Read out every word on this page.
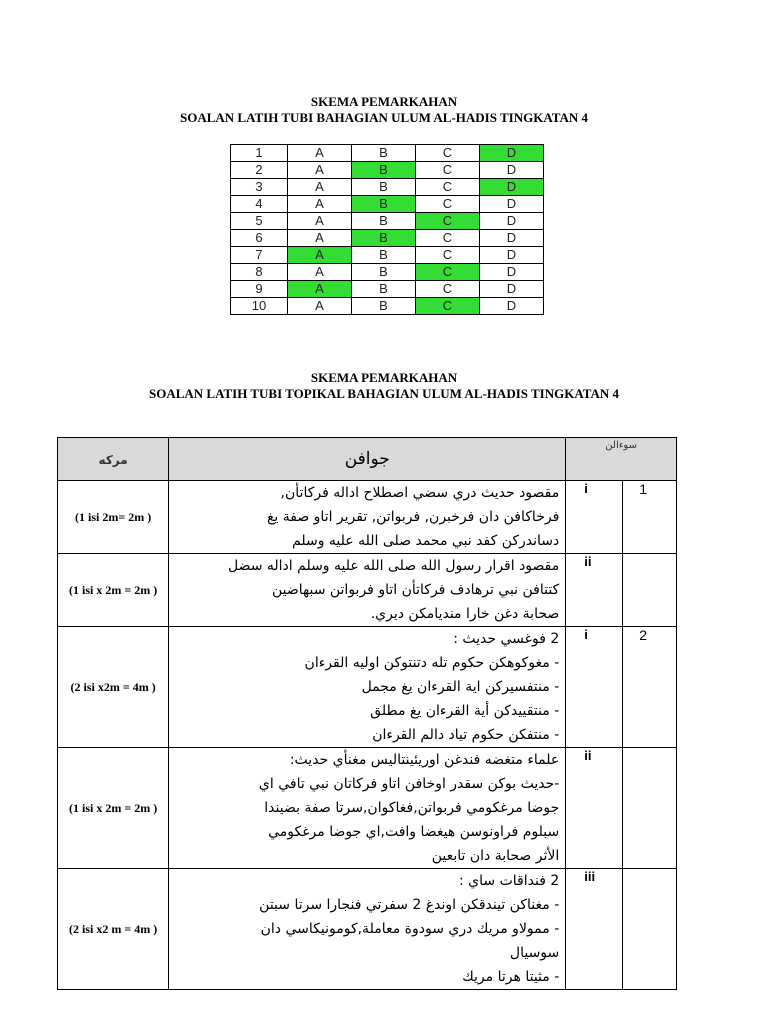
SKEMA PEMARKAHAN
SOALAN LATIH TUBI BAHAGIAN ULUM AL-HADIS TINGKATAN 4
1	A	B	C	D
2	A	B	C	D
3	A	B	C	D
4	A	B	C	D
5	A	B	C	D
6	A	B	C	D
7	A	B	C	D
8	A	B	C	D
9	A	B	C	D
10	A	B	C	D
SKEMA PEMARKAHAN
SOALAN LATIH TUBI TOPIKAL BAHAGIAN ULUM AL-HADIS TINGKATAN 4
مركه	جوافن	سوءالن	
(1 isi 2m= 2m )	مقصود حديث دري سضي اصطلاح اداله فركاتأن,
فرخاكافن دان فرخبرن, فربواتن, تقرير اتاو صفة يغ
دساندركن كفد نبي محمد صلى الله عليه وسلم	i	1
(1 isi x 2m = 2m )	مقصود اقرار رسول الله صلى الله عليه وسلم اداله سضل
كتتافن نبي ترهادف فركاتأن اتاو فربواتن سبهاضين
صحابة دغن خارا منديامكن ديري.	ii	
(2 isi x2m = 4m )	2 فوغسي حديث :
- مغوكوهكن حكوم تله دتنتوكن اوليه القرءان
- منتفسيركن اية القرءان يغ مجمل
- منتقييدكن أية القرءان يغ مطلق
- منتفكن حكوم تياد دالم القرءان	i	2
(1 isi x 2m = 2m )	علماء متغضه فندغن اوريئينتاليس مغنأي حديث:
-حديث بوكن سقدر اوخافن اتاو فركاتان نبي تافي اي
جوضا مرغكومي فربواتن,فغاكوان,سرتا صفة بضيندا
سبلوم فراونوسن هيغضا وافت,اي جوضا مرغكومي
الأثر صحابة دان تابعين	ii	
(2 isi x2 m = 4m )	2 فنداقات ساي :
- مغناكن تيندقكن اوندغ 2 سفرتي فنجارا سرتا سبتن
- ممولاو مريك دري سودوة معاملة,كومونيكاسي دان
سوسيال
- مثيتا هرتا مريك	iii	
